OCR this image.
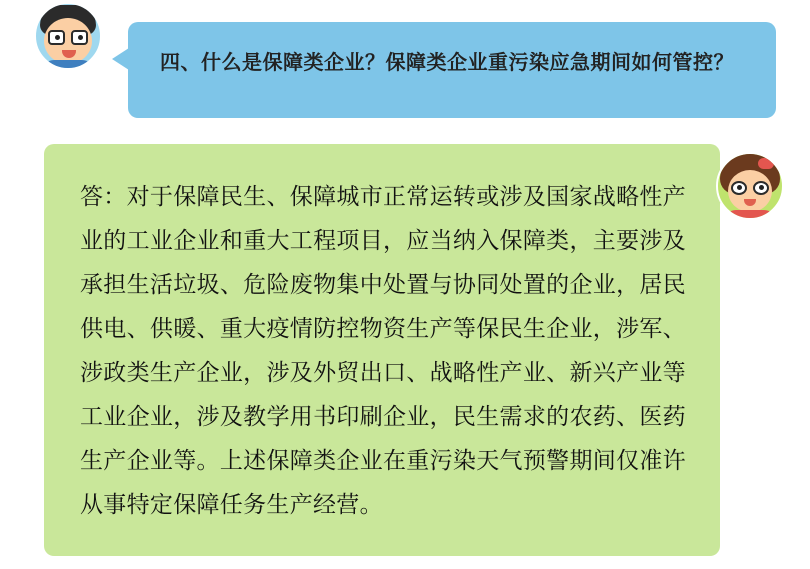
四、什么是保障类企业？保障类企业重污染应急期间如何管控？
答：对于保障民生、保障城市正常运转或涉及国家战略性产业的工业企业和重大工程项目，应当纳入保障类，主要涉及承担生活垃圾、危险废物集中处置与协同处置的企业，居民供电、供暖、重大疫情防控物资生产等保民生企业，涉军、涉政类生产企业，涉及外贸出口、战略性产业、新兴产业等工业企业，涉及教学用书印刷企业，民生需求的农药、医药生产企业等。上述保障类企业在重污染天气预警期间仅准许从事特定保障任务生产经营。
